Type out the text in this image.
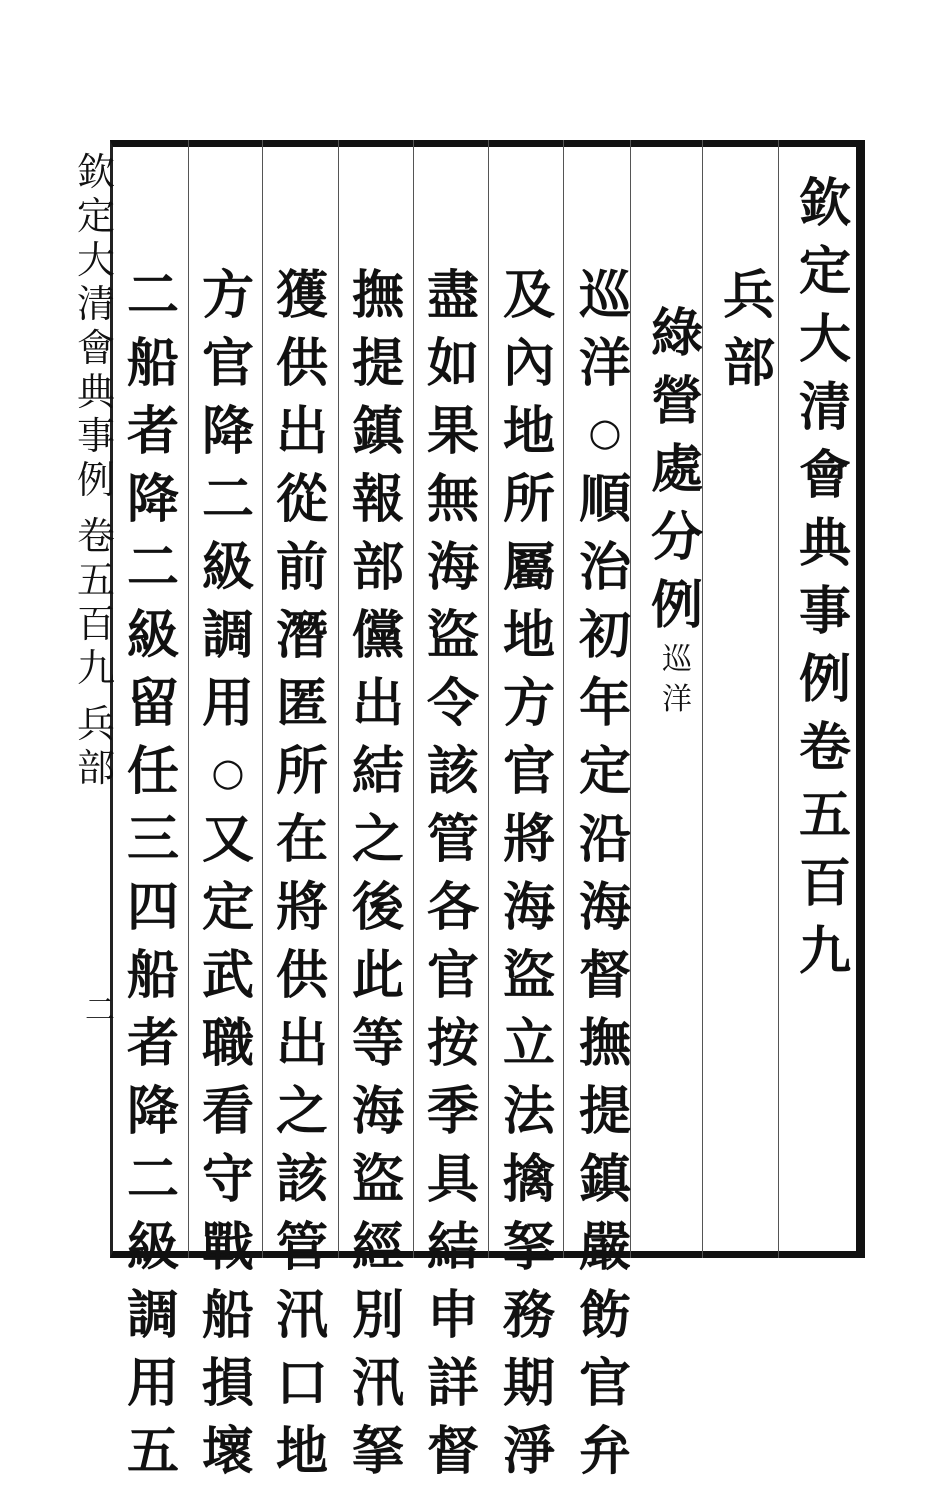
欽
定
大
清
會
典
事
例
卷
五
百
九
兵
部
二
欽
定
大
清
會
典
事
例
卷
五
百
九
兵
部
綠
營
處
分
例
巡
洋
巡
洋
○
順
治
初
年
定
沿
海
督
撫
提
鎮
嚴
飭
官
弁
及
內
地
所
屬
地
方
官
將
海
盜
立
法
擒
拏
務
期
淨
盡
如
果
無
海
盜
令
該
管
各
官
按
季
具
結
申
詳
督
撫
提
鎮
報
部
儻
出
結
之
後
此
等
海
盜
經
別
汛
拏
獲
供
出
從
前
潛
匿
所
在
將
供
出
之
該
管
汛
口
地
方
官
降
二
級
調
用
○
又
定
武
職
看
守
戰
船
損
壞
二
船
者
降
二
級
留
任
三
四
船
者
降
二
級
調
用
五
